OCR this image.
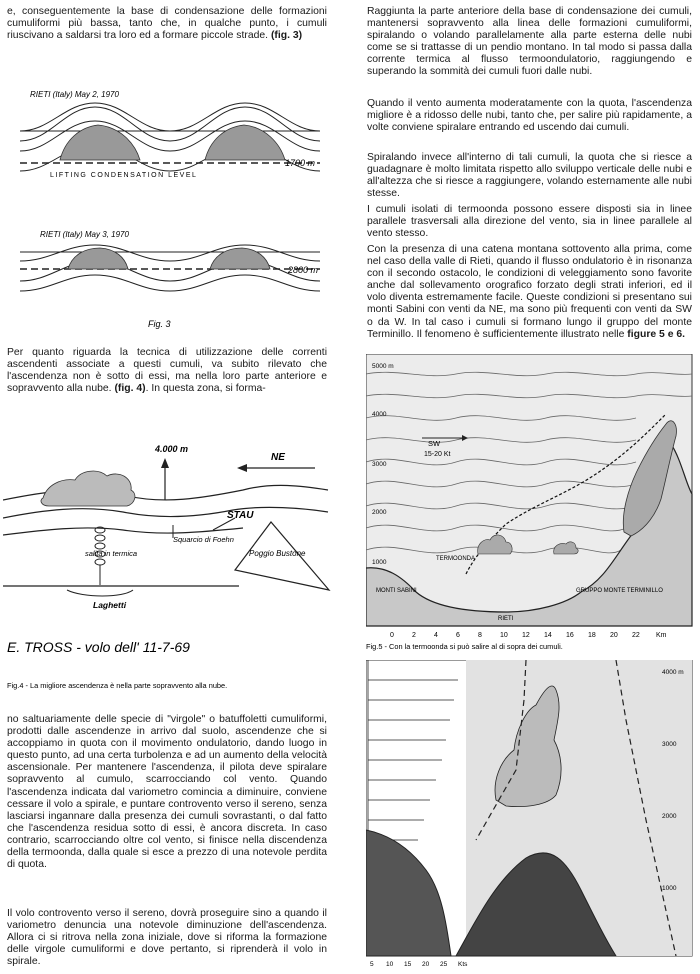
e, conseguentemente la base di condensazione delle formazioni cumuliformi più bassa, tanto che, in qualche punto, i cumuli riuscivano a saldarsi tra loro ed a formare piccole strade. (fig. 3)

RIETI (Italy) May 2, 1970
1700 m
LIFTING CONDENSATION LEVEL
RIETI (Italy) May 3, 1970
2800 m
Fig. 3

Per quanto riguarda la tecnica di utilizzazione delle correnti ascendenti associate a questi cumuli, va subito rilevato che l'ascendenza non è sotto di essi, ma nella loro parte anteriore e sopravvento alla nube. (fig. 4). In questa zona, si forma-

4.000 m
NE
STAU
salita in termica
Squarcio di Foehn
Poggio Bustone
Laghetti
E. TROSS - volo dell' 11-7-69
Fig.4 - La migliore ascendenza è nella parte sopravvento alla nube.

no saltuariamente delle specie di "virgole" o batuffoletti cumuliformi, prodotti dalle ascendenze in arrivo dal suolo, ascendenze che si accoppiamo in quota con il movimento ondulatorio, dando luogo in questo punto, ad una certa turbolenza e ad un aumento della velocità ascensionale. Per mantenere l'ascendenza, il pilota deve spiralare sopravvento al cumulo, scarrocciando col vento. Quando l'ascendenza indicata dal variometro comincia a diminuire, conviene cessare il volo a spirale, e puntare controvento verso il sereno, senza lasciarsi ingannare dalla presenza dei cumuli sovrastanti, o dal fatto che l'ascendenza residua sotto di essi, è ancora discreta. In caso contrario, scarrocciando oltre col vento, si finisce nella discendenza della termoonda, dalla quale si esce a prezzo di una notevole perdita di quota.

Il volo controvento verso il sereno, dovrà proseguire sino a quando il variometro denuncia una notevole diminuzione dell'ascendenza. Allora ci si ritrova nella zona iniziale, dove si riforma la formazione delle virgole cumuliformi e dove pertanto, si riprenderà il volo in spirale.

Raggiunta la parte anteriore della base di condensazione dei cumuli, mantenersi sopravvento alla linea delle formazioni cumuliformi, spiralando o volando parallelamente alla parte esterna delle nubi come se si trattasse di un pendio montano. In tal modo si passa dalla corrente termica al flusso termoondulatorio, raggiungendo e superando la sommità dei cumuli fuori dalle nubi.

Quando il vento aumenta moderatamente con la quota, l'ascendenza migliore è a ridosso delle nubi, tanto che, per salire più rapidamente, a volte conviene spiralare entrando ed uscendo dai cumuli.

Spiralando invece all'interno di tali cumuli, la quota che si riesce a guadagnare è molto limitata rispetto allo sviluppo verticale delle nubi e all'altezza che si riesce a raggiungere, volando esternamente alle nubi stesse.

I cumuli isolati di termoonda possono essere disposti sia in linee parallele trasversali alla direzione del vento, sia in linee parallele al vento stesso.

Con la presenza di una catena montana sottovento alla prima, come nel caso della valle di Rieti, quando il flusso ondulatorio è in risonanza con il secondo ostacolo, le condizioni di veleggiamento sono favorite anche dal sollevamento orografico forzato degli strati inferiori, ed il volo diventa estremamente facile. Queste condizioni si presentano sui monti Sabini con venti da NE, ma sono più frequenti con venti da SW o da W. In tal caso i cumuli si formano lungo il gruppo del monte Terminillo. Il fenomeno è sufficientemente illustrato nelle figure 5 e 6.

5000 m
4000
3000
2000
1000
SW
15-20 Kt
TERMOONDA
MONTI SABINI
RIETI
GRUPPO MONTE TERMINILLO
0	2	4	6	8	10 12 14 16 18 20 22 Km
Fig.5 - Con la termoonda si può salire al di sopra dei cumuli.
4000 m
3000
2000
1000
5 10 15 20 25 Kts
